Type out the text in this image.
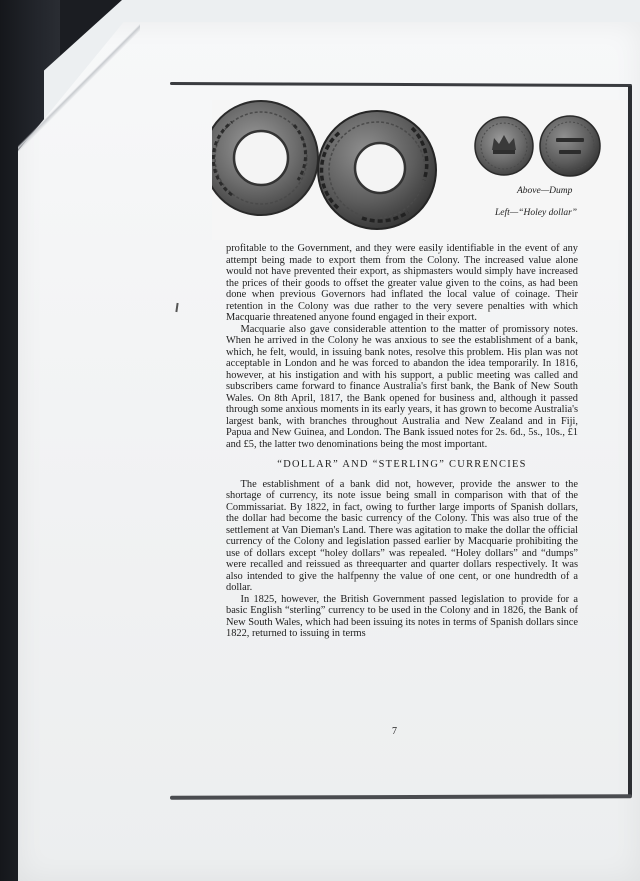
Above—Dump
Left—“Holey dollar”

profitable to the Government, and they were easily identifiable in the event of any attempt being made to export them from the Colony. The increased value alone would not have prevented their export, as shipmasters would simply have increased the prices of their goods to offset the greater value given to the coins, as had been done when previous Governors had inflated the local value of coinage. Their retention in the Colony was due rather to the very severe penalties with which Macquarie threatened anyone found engaged in their export.

Macquarie also gave considerable attention to the matter of promissory notes. When he arrived in the Colony he was anxious to see the establishment of a bank, which, he felt, would, in issuing bank notes, resolve this problem. His plan was not acceptable in London and he was forced to abandon the idea temporarily. In 1816, however, at his instigation and with his support, a public meeting was called and subscribers came forward to finance Australia's first bank, the Bank of New South Wales. On 8th April, 1817, the Bank opened for business and, although it passed through some anxious moments in its early years, it has grown to become Australia's largest bank, with branches throughout Australia and New Zealand and in Fiji, Papua and New Guinea, and London. The Bank issued notes for 2s. 6d., 5s., 10s., £1 and £5, the latter two denominations being the most important.

“DOLLAR” AND “STERLING” CURRENCIES

The establishment of a bank did not, however, provide the answer to the shortage of currency, its note issue being small in comparison with that of the Commissariat. By 1822, in fact, owing to further large imports of Spanish dollars, the dollar had become the basic currency of the Colony. This was also true of the settlement at Van Dieman's Land. There was agitation to make the dollar the official currency of the Colony and legislation passed earlier by Macquarie prohibiting the use of dollars except “holey dollars” was repealed. “Holey dollars” and “dumps” were recalled and reissued as threequarter and quarter dollars respectively. It was also intended to give the halfpenny the value of one cent, or one hundredth of a dollar.

In 1825, however, the British Government passed legislation to provide for a basic English “sterling” currency to be used in the Colony and in 1826, the Bank of New South Wales, which had been issuing its notes in terms of Spanish dollars since 1822, returned to issuing in terms

7
